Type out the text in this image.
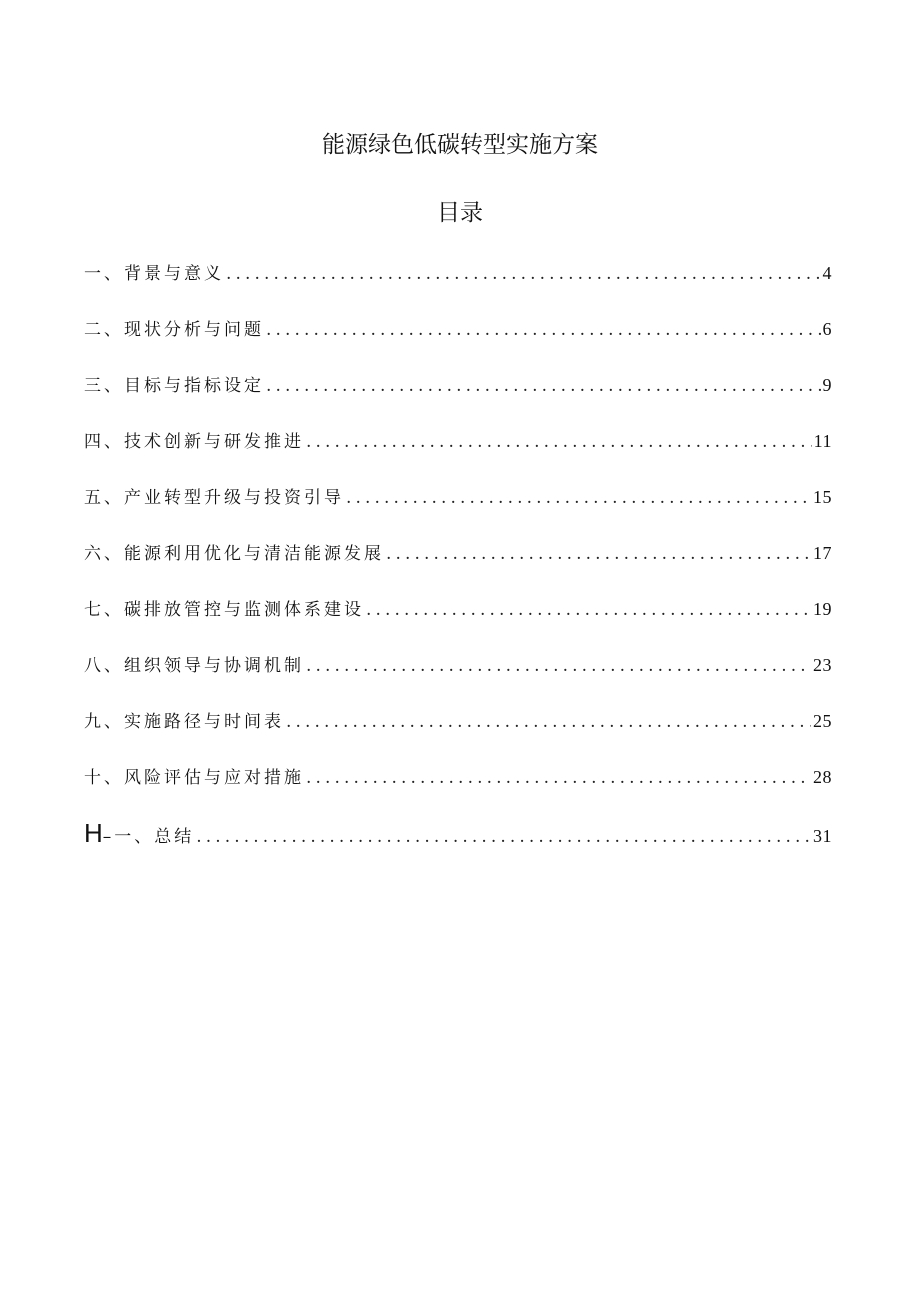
能源绿色低碳转型实施方案
目录
一、背景与意义 .....	4
二、现状分析与问题 .....	6
三、目标与指标设定 .....	9
四、技术创新与研发推进 .....	11
五、产业转型升级与投资引导 .....	15
六、能源利用优化与清洁能源发展 .....	17
七、碳排放管控与监测体系建设 .....	19
八、组织领导与协调机制 .....	23
九、实施路径与时间表 .....	25
十、风险评估与应对措施 .....	28
H–一、总结 .....	31
